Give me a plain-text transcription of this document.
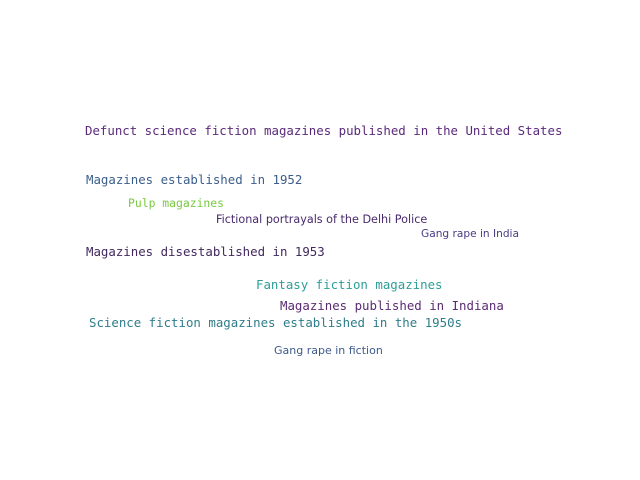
Defunct science fiction magazines published in the United States
Magazines established in 1952
Pulp magazines
Fictional portrayals of the Delhi Police
Gang rape in India
Magazines disestablished in 1953
Fantasy fiction magazines
Magazines published in Indiana
Science fiction magazines established in the 1950s
Gang rape in fiction
